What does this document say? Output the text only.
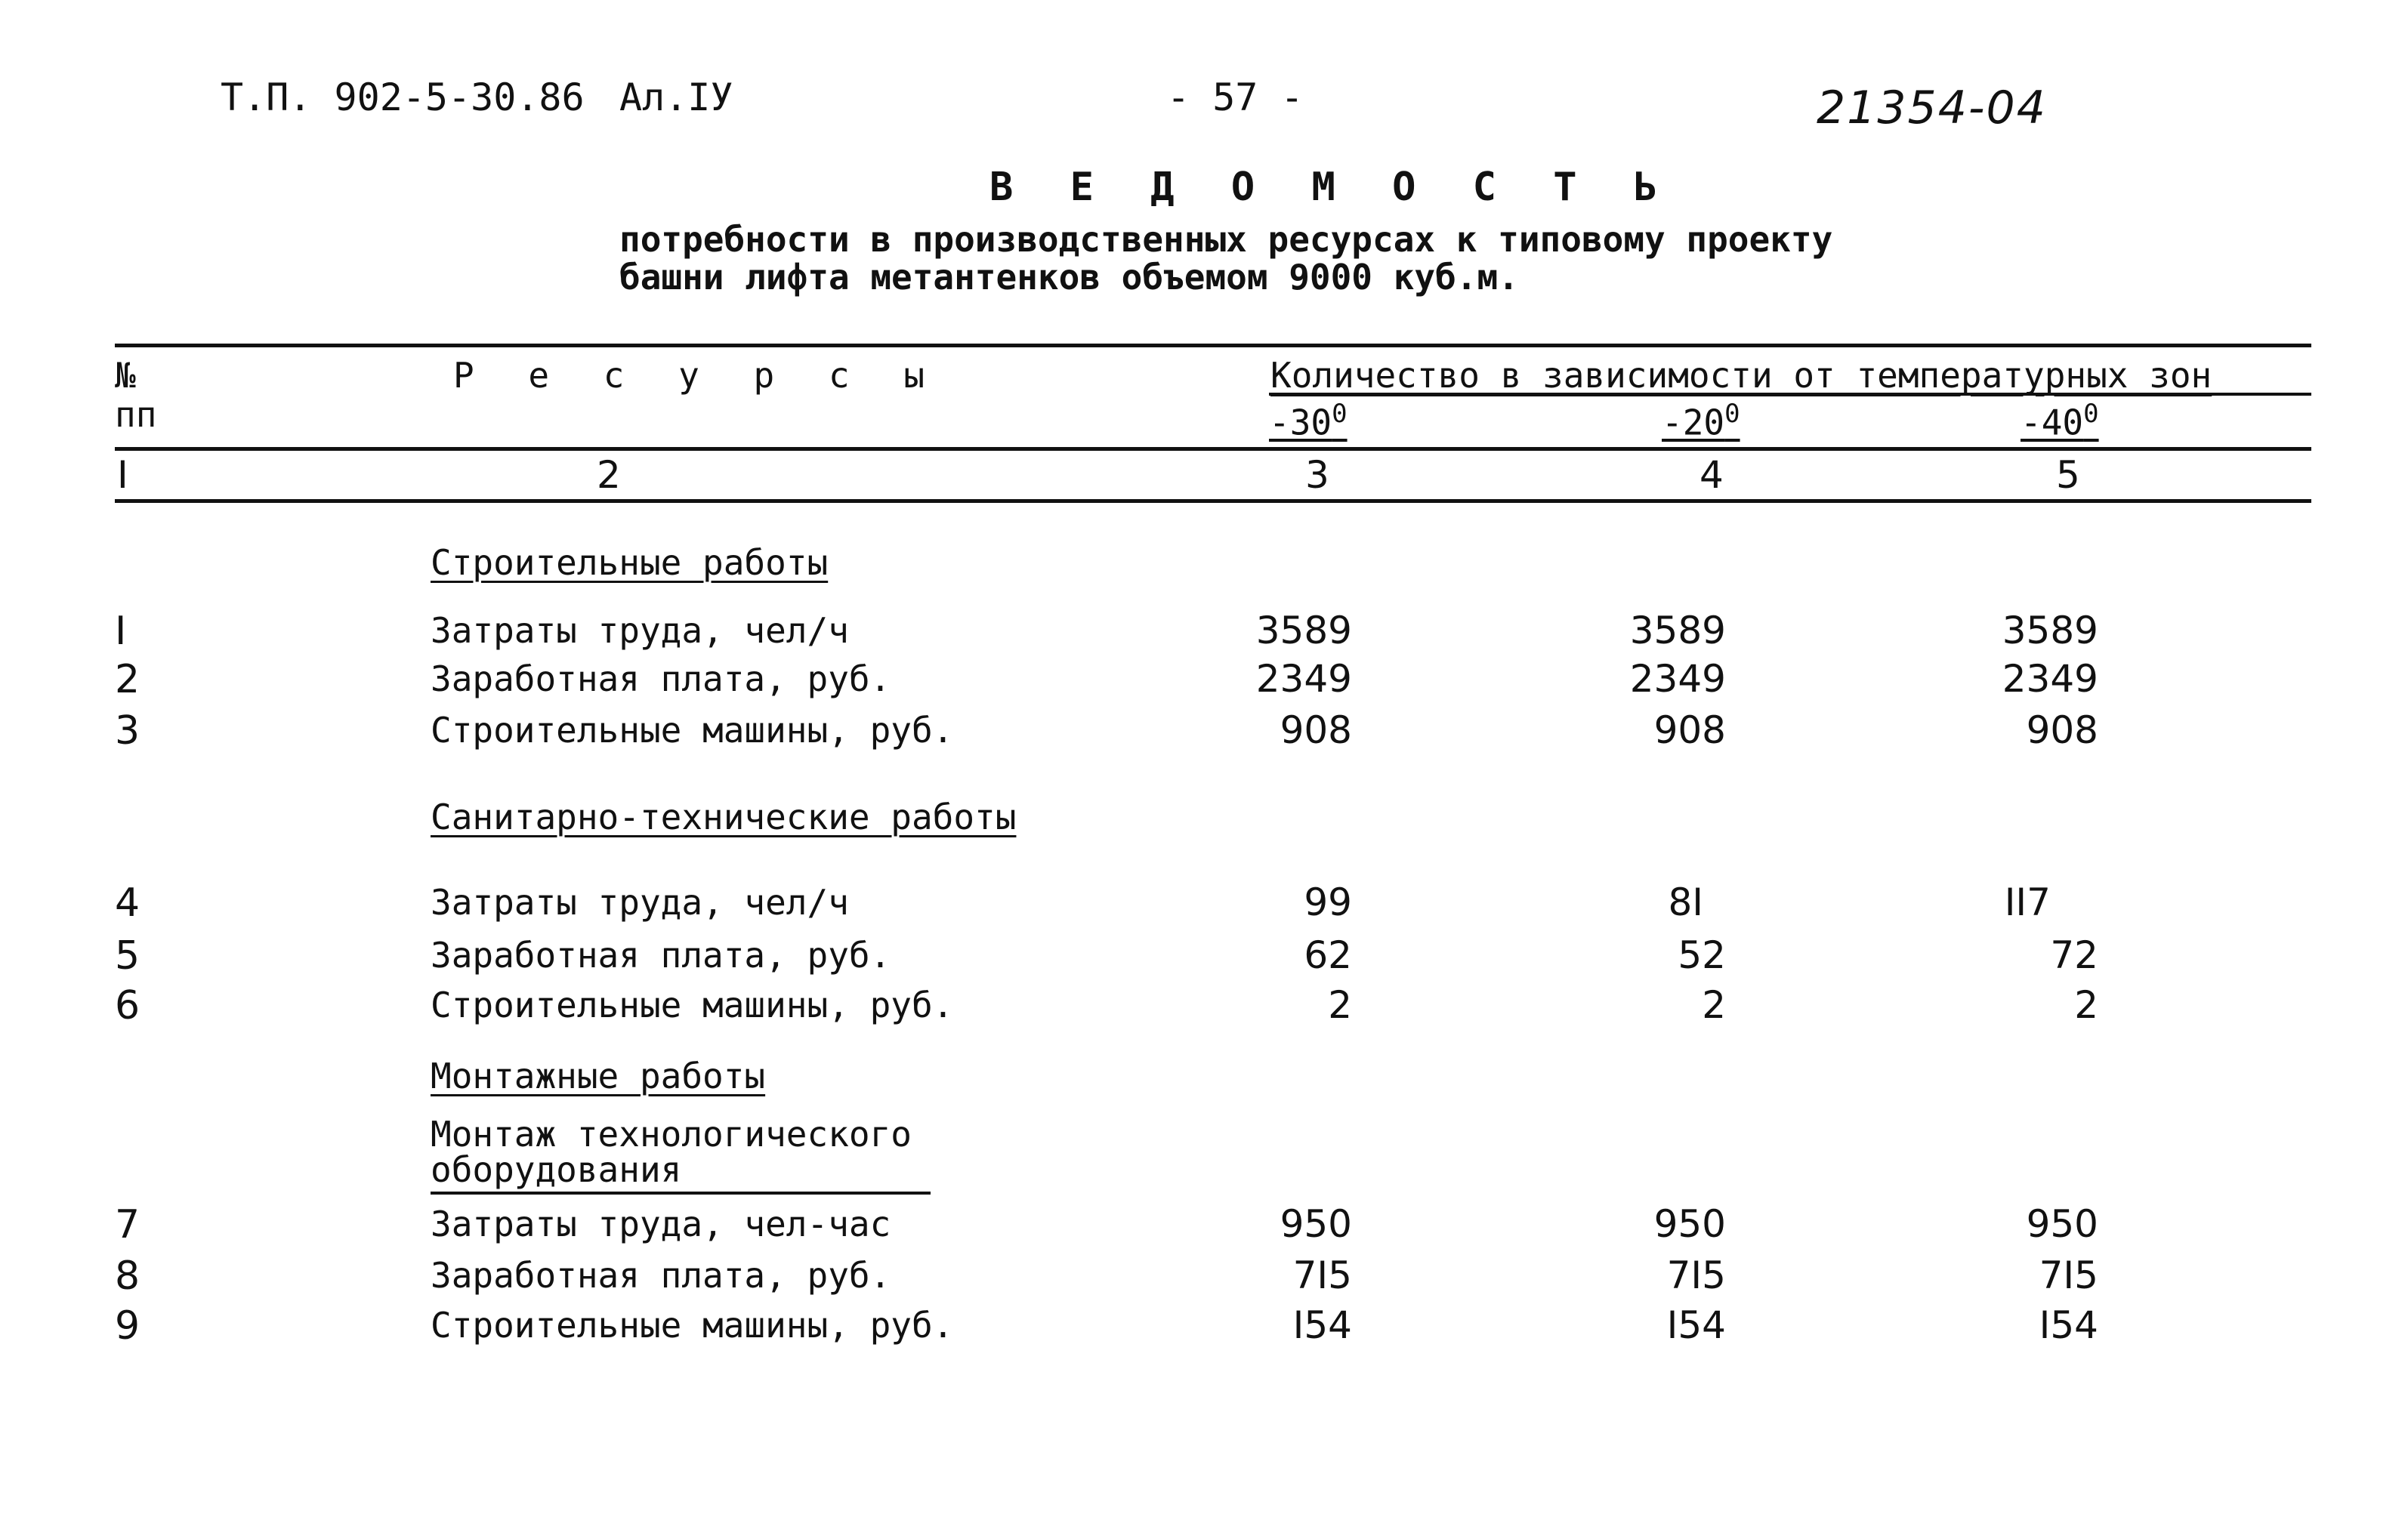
Т.П. 902-5-30.86 Ал.IУ	- 57 -	21354-04
В Е Д О М О С Т Ь
потребности в производственных ресурсах к типовому проекту
башни лифта метантенков объемом 9000 куб.м.
№
пп
Р е с у р с ы	Количество в зависимости от температурных зон
$-30^0$	$-20^0$	$-40^0$
I	2	3	4	5
Строительные работы
I	Затраты труда, чел/ч	3589	3589	3589
2	Заработная плата, руб.	2349	2349	2349
3	Строительные машины, руб.	908	908	908
Санитарно-технические работы
4	Затраты труда, чел/ч	99	8I	II7
5	Заработная плата, руб.	62	52	72
6	Строительные машины, руб.	2	2	2
Монтажные работы
Монтаж технологического
оборудования
7	Затраты труда, чел-час	950	950	950
8	Заработная плата, руб.	7I5	7I5	7I5
9	Строительные машины, руб.	I54	I54	I54
